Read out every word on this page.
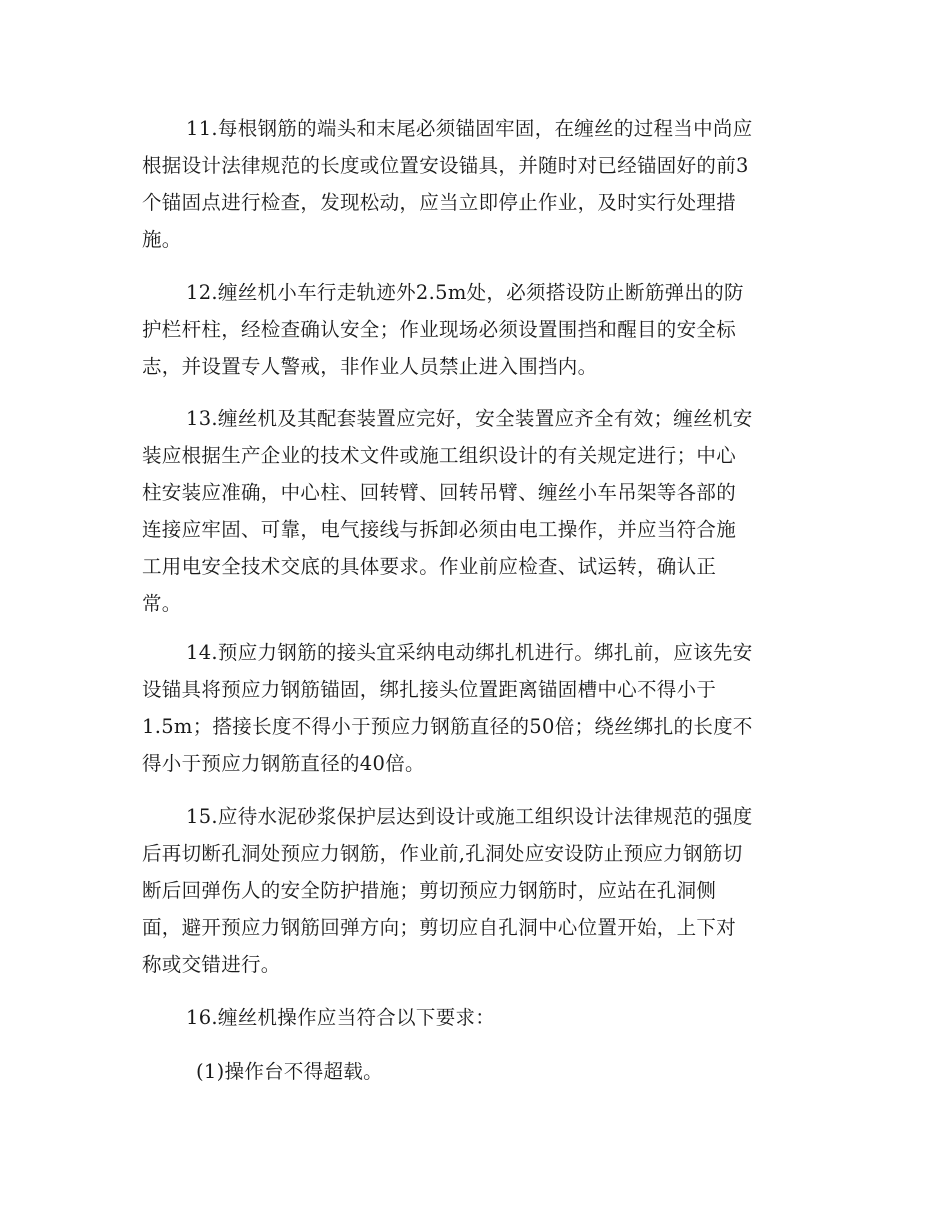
11.每根钢筋的端头和末尾必须锚固牢固，在缠丝的过程当中尚应
根据设计法律规范的长度或位置安设锚具，并随时对已经锚固好的前3
个锚固点进行检查，发现松动，应当立即停止作业，及时实行处理措
施。
12.缠丝机小车行走轨迹外2.5m处，必须搭设防止断筋弹出的防
护栏杆柱，经检查确认安全；作业现场必须设置围挡和醒目的安全标
志，并设置专人警戒，非作业人员禁止进入围挡内。
13.缠丝机及其配套装置应完好，安全装置应齐全有效；缠丝机安
装应根据生产企业的技术文件或施工组织设计的有关规定进行；中心
柱安装应准确，中心柱、回转臂、回转吊臂、缠丝小车吊架等各部的
连接应牢固、可靠，电气接线与拆卸必须由电工操作，并应当符合施
工用电安全技术交底的具体要求。作业前应检查、试运转，确认正
常。
14.预应力钢筋的接头宜采纳电动绑扎机进行。绑扎前，应该先安
设锚具将预应力钢筋锚固，绑扎接头位置距离锚固槽中心不得小于
1.5m；搭接长度不得小于预应力钢筋直径的50倍；绕丝绑扎的长度不
得小于预应力钢筋直径的40倍。
15.应待水泥砂浆保护层达到设计或施工组织设计法律规范的强度
后再切断孔洞处预应力钢筋，作业前,孔洞处应安设防止预应力钢筋切
断后回弹伤人的安全防护措施；剪切预应力钢筋时，应站在孔洞侧
面，避开预应力钢筋回弹方向；剪切应自孔洞中心位置开始，上下对
称或交错进行。
16.缠丝机操作应当符合以下要求：
(1)操作台不得超载。
